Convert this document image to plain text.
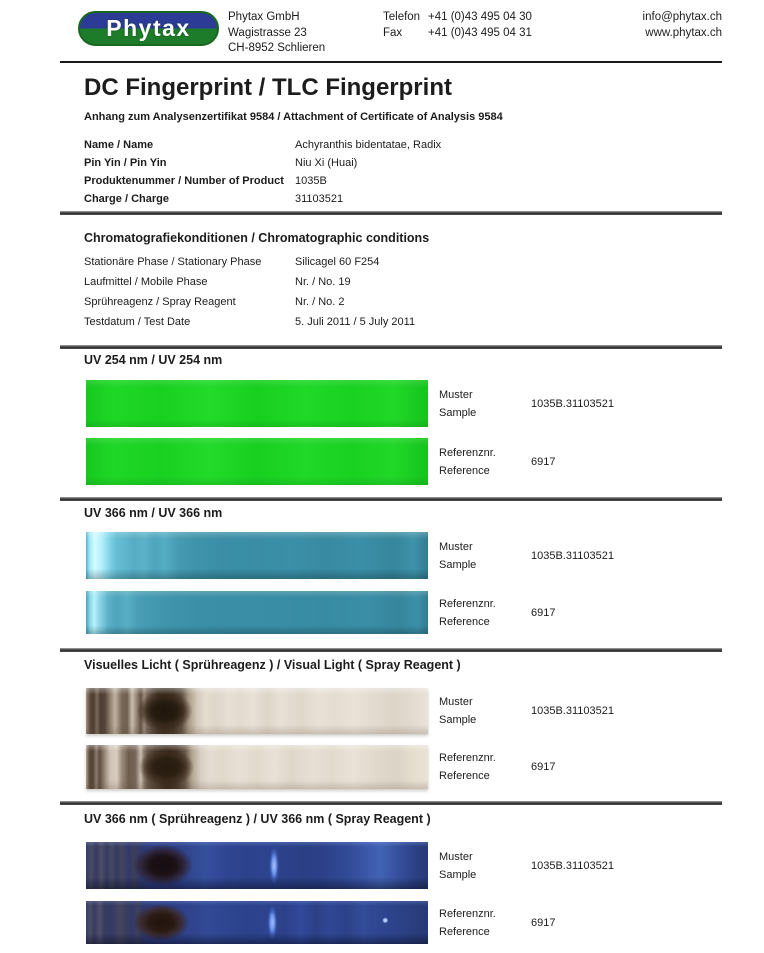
Phytax	Phytax GmbH
Wagistrasse 23
CH-8952 Schlieren
Telefon +41 (0)43 495 04 30
Fax	+41 (0)43 495 04 31
info@phytax.ch
www.phytax.ch
DC Fingerprint / TLC Fingerprint
Anhang zum Analysenzertifikat 9584 / Attachment of Certificate of Analysis 9584
Name / Name	Achyranthis bidentatae, Radix
Pin Yin / Pin Yin	Niu Xi (Huai)
Produktenummer / Number of Product	1035B
Charge / Charge	31103521
Chromatografiekonditionen / Chromatographic conditions
Stationäre Phase / Stationary Phase	Silicagel 60 F254
Laufmittel / Mobile Phase	Nr. / No. 19
Sprühreagenz / Spray Reagent	Nr. / No. 2
Testdatum / Test Date	5. Juli 2011 / 5 July 2011
UV 254 nm / UV 254 nm
Muster
Sample
1035B.31103521
Referenznr.
Reference
6917
UV 366 nm / UV 366 nm
Muster
Sample
1035B.31103521
Referenznr.
Reference
6917
Visuelles Licht ( Sprühreagenz ) / Visual Light ( Spray Reagent )
Muster
Sample
1035B.31103521
Referenznr.
Reference
6917
UV 366 nm ( Sprühreagenz ) / UV 366 nm ( Spray Reagent )
Muster
Sample
1035B.31103521
Referenznr.
Reference
6917
